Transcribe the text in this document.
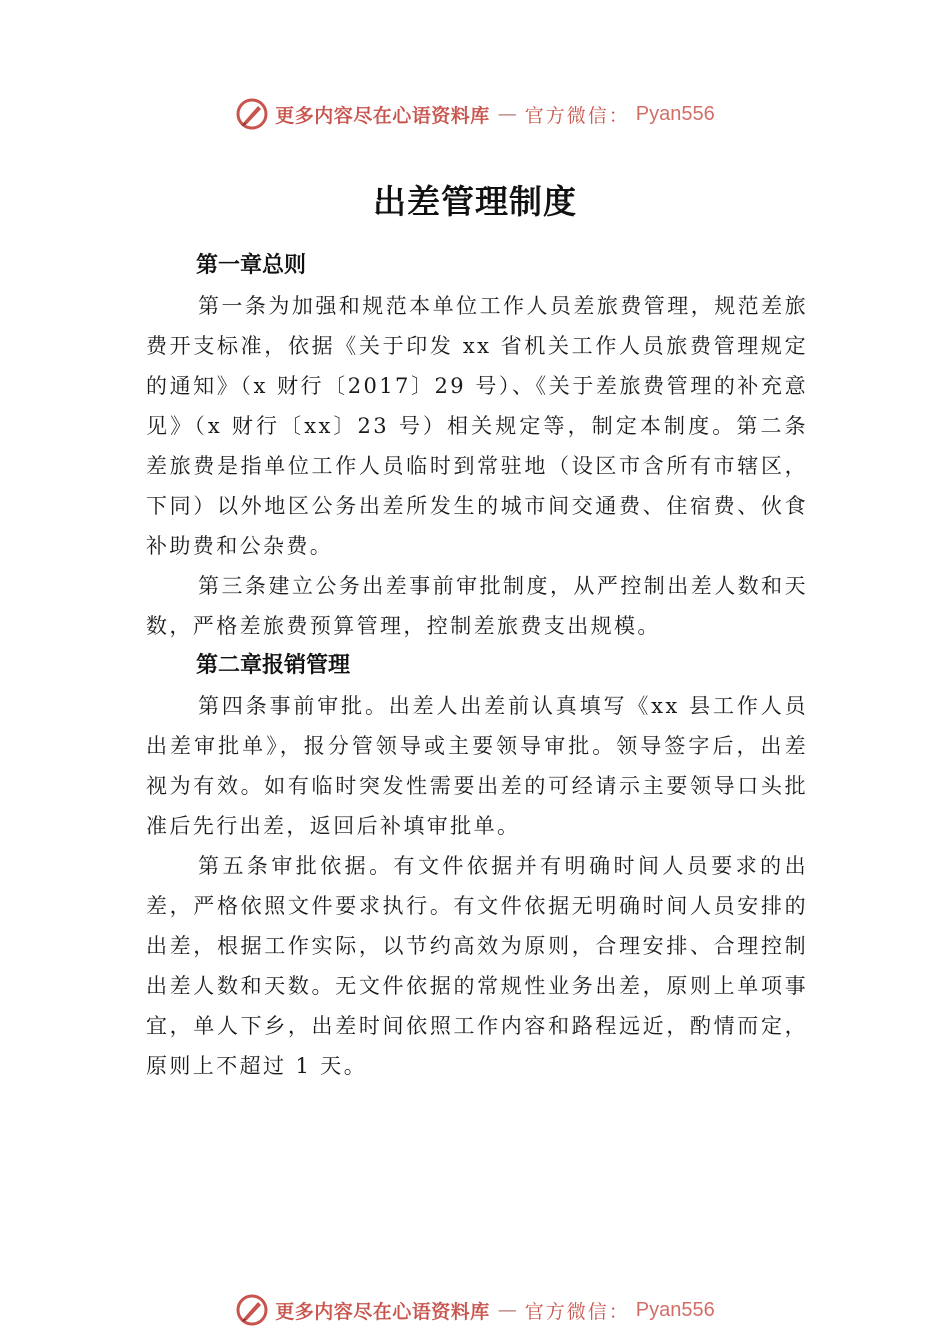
更多内容尽在心语资料库 — 官方微信： Pyan556
出差管理制度
第一章总则

第一条为加强和规范本单位工作人员差旅费管理，规范差旅费开支标准，依据《关于印发 xx 省机关工作人员旅费管理规定的通知》（x 财行〔2017〕29 号）、《关于差旅费管理的补充意见》（x 财行〔xx〕23 号）相关规定等，制定本制度。第二条差旅费是指单位工作人员临时到常驻地（设区市含所有市辖区，下同）以外地区公务出差所发生的城市间交通费、住宿费、伙食补助费和公杂费。

第三条建立公务出差事前审批制度，从严控制出差人数和天数，严格差旅费预算管理，控制差旅费支出规模。

第二章报销管理

第四条事前审批。出差人出差前认真填写《xx 县工作人员出差审批单》，报分管领导或主要领导审批。领导签字后，出差视为有效。如有临时突发性需要出差的可经请示主要领导口头批准后先行出差，返回后补填审批单。

第五条审批依据。有文件依据并有明确时间人员要求的出差，严格依照文件要求执行。有文件依据无明确时间人员安排的出差，根据工作实际，以节约高效为原则，合理安排、合理控制出差人数和天数。无文件依据的常规性业务出差，原则上单项事宜，单人下乡，出差时间依照工作内容和路程远近，酌情而定，原则上不超过 1 天。

更多内容尽在心语资料库 — 官方微信： Pyan556
